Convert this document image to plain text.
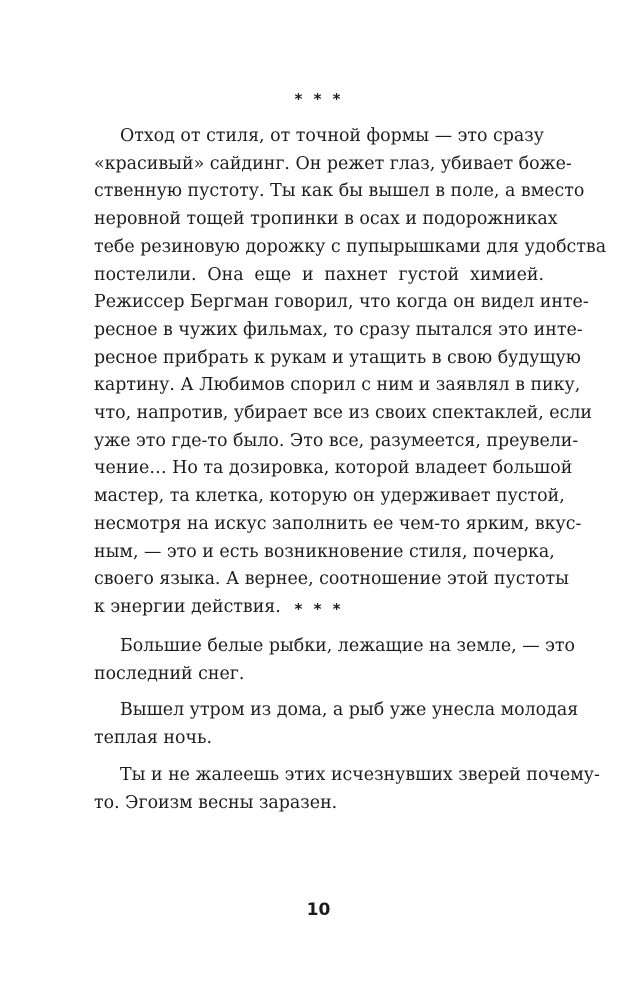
* * *

Отход от стиля, от точной формы — это сразу
«красивый» сайдинг. Он режет глаз, убивает боже-
ственную пустоту. Ты как бы вышел в поле, а вместо
неровной тощей тропинки в осах и подорожниках
тебе резиновую дорожку с пупырышками для удобства
постелили. Она еще и пахнет густой химией.
Режиссер Бергман говорил, что когда он видел инте-
ресное в чужих фильмах, то сразу пытался это инте-
ресное прибрать к рукам и утащить в свою будущую
картину. А Любимов спорил с ним и заявлял в пику,
что, напротив, убирает все из своих спектаклей, если
уже это где-то было. Это все, разумеется, преувели-
чение… Но та дозировка, которой владеет большой
мастер, та клетка, которую он удерживает пустой,
несмотря на искус заполнить ее чем-то ярким, вкус-
ным, — это и есть возникновение стиля, почерка,
своего языка. А вернее, соотношение этой пустоты
к энергии действия. * * *

Большие белые рыбки, лежащие на земле, — это
последний снег.

Вышел утром из дома, а рыб уже унесла молодая
теплая ночь.

Ты и не жалеешь этих исчезнувших зверей почему-
то. Эгоизм весны заразен.

10
